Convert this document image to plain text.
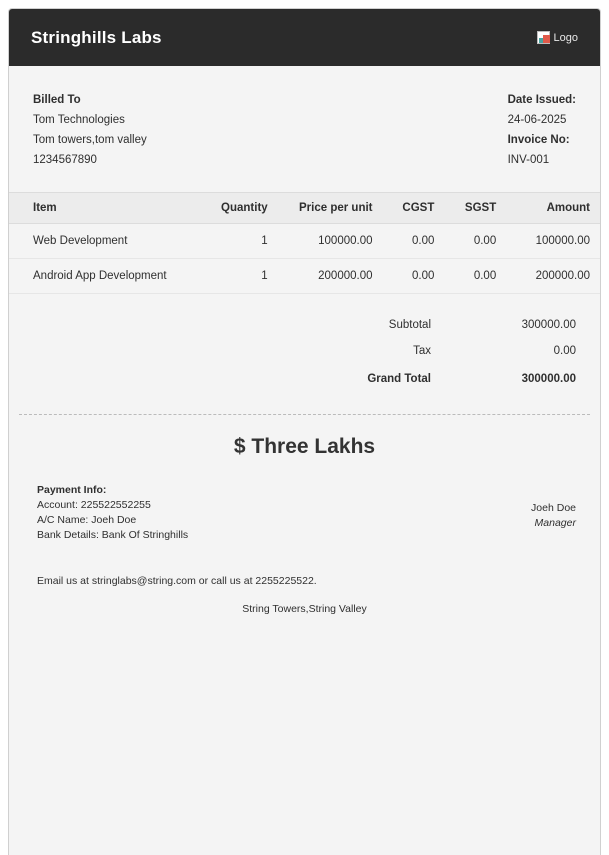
Stringhills Labs	Logo
Billed To
Tom Technologies
Tom towers,tom valley
1234567890
Date Issued:
24-06-2025
Invoice No:
INV-001
Item	Quantity	Price per unit	CGST	SGST	Amount
Web Development	1	100000.00	0.00	0.00	100000.00
Android App Development	1	200000.00	0.00	0.00	200000.00
Subtotal	300000.00
Tax	0.00
Grand Total	300000.00
$ Three Lakhs
Payment Info:
Account: 225522552255
A/C Name: Joeh Doe
Bank Details: Bank Of Stringhills
Joeh Doe
Manager
Email us at stringlabs@string.com or call us at 2255225522.
String Towers,String Valley
